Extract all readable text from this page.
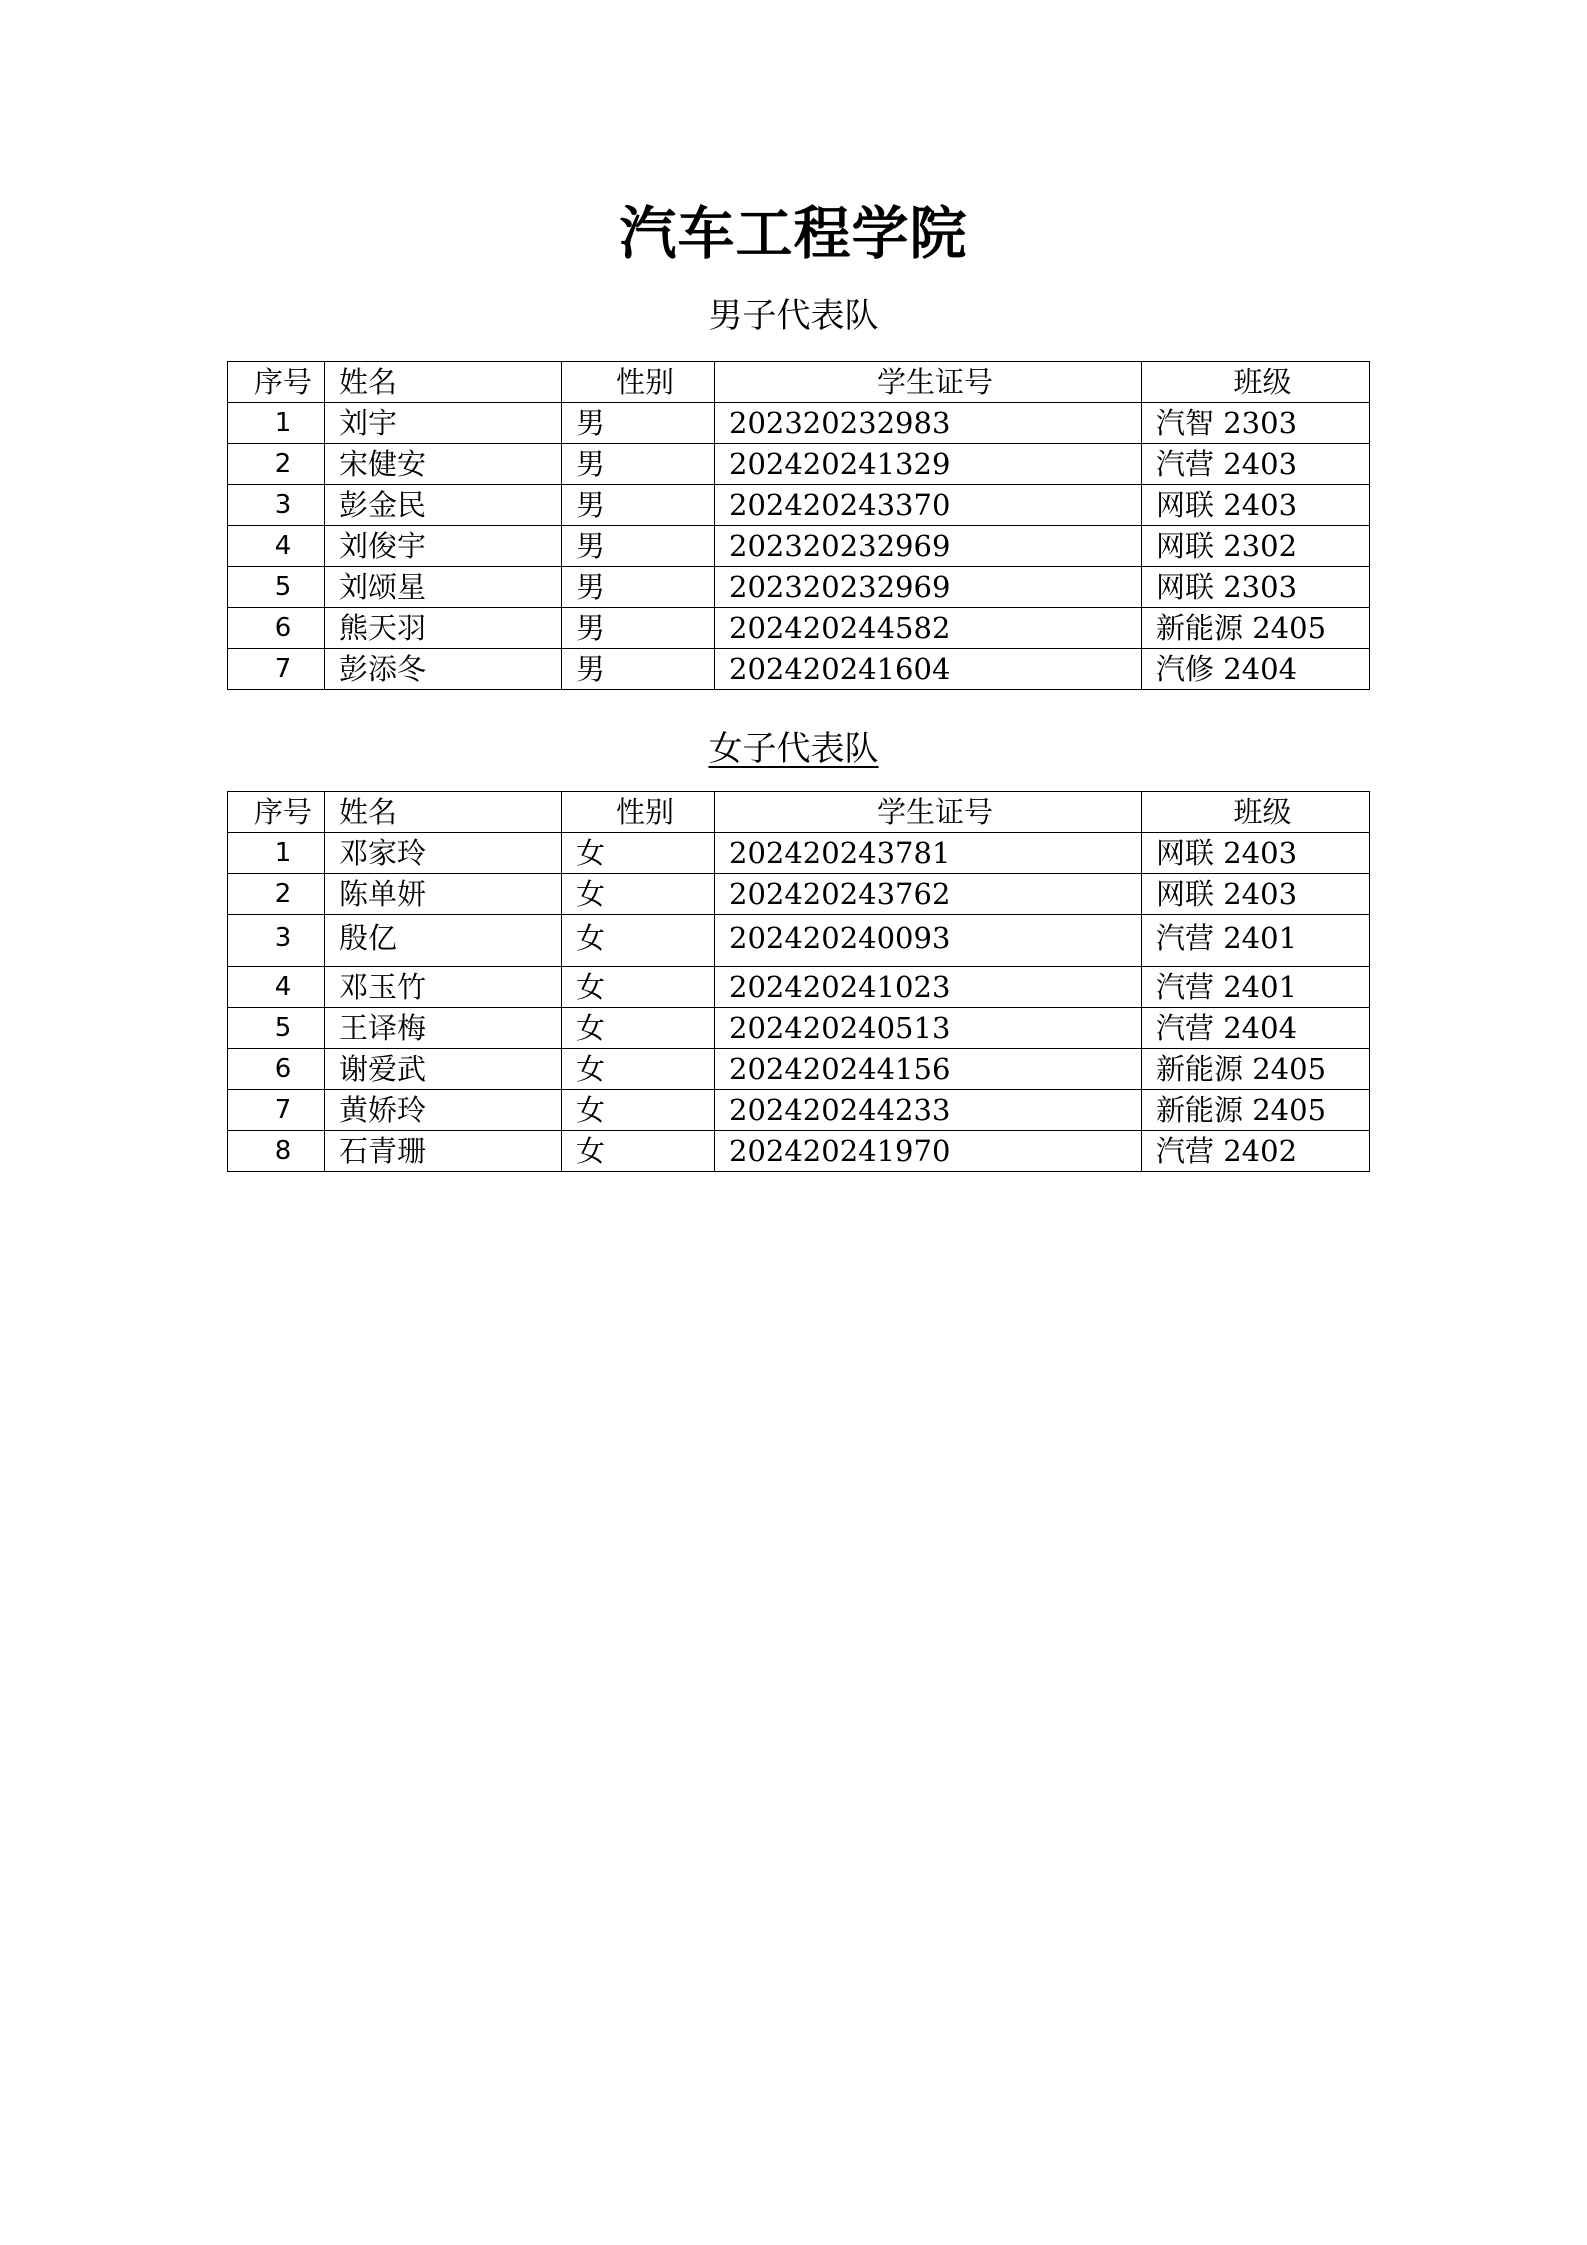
汽车工程学院
男子代表队
序号	姓名	性别	学生证号	班级
1	刘宇	男	202320232983	汽智 2303
2	宋健安	男	202420241329	汽营 2403
3	彭金民	男	202420243370	网联 2403
4	刘俊宇	男	202320232969	网联 2302
5	刘颂星	男	202320232969	网联 2303
6	熊天羽	男	202420244582	新能源 2405
7	彭添冬	男	202420241604	汽修 2404
女子代表队
序号	姓名	性别	学生证号	班级
1	邓家玲	女	202420243781	网联 2403
2	陈单妍	女	202420243762	网联 2403
3	殷亿	女	202420240093	汽营 2401
4	邓玉竹	女	202420241023	汽营 2401
5	王译梅	女	202420240513	汽营 2404
6	谢爱武	女	202420244156	新能源 2405
7	黄娇玲	女	202420244233	新能源 2405
8	石青珊	女	202420241970	汽营 2402
